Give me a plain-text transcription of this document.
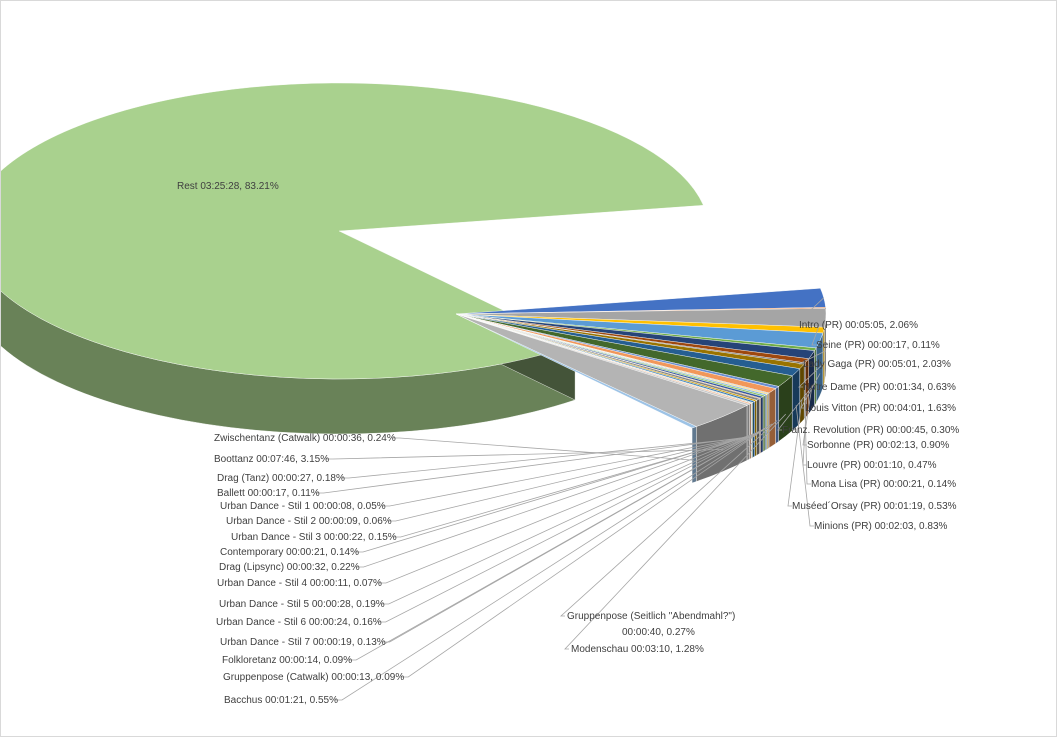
Rest 03:25:28, 83.21%
Intro (PR) 00:05:05, 2.06%
Seine (PR) 00:00:17, 0.11%
Lady Gaga (PR) 00:05:01, 2.03%
Notre Dame (PR) 00:01:34, 0.63%
Louis Vitton (PR) 00:04:01, 1.63%
Franz. Revolution (PR) 00:00:45, 0.30%
Sorbonne (PR) 00:02:13, 0.90%
Louvre (PR) 00:01:10, 0.47%
Mona Lisa (PR) 00:00:21, 0.14%
Muséed´Orsay (PR) 00:01:19, 0.53%
Minions (PR) 00:02:03, 0.83%
Modenschau 00:03:10, 1.28%
Gruppenpose (Seitlich "Abendmahl?") 00:00:40, 0.27%
Bacchus 00:01:21, 0.55%
Gruppenpose (Catwalk) 00:00:13, 0.09%
Folkloretanz 00:00:14, 0.09%
Urban Dance - Stil 7 00:00:19, 0.13%
Urban Dance - Stil 6 00:00:24, 0.16%
Urban Dance - Stil 5 00:00:28, 0.19%
Urban Dance - Stil 4 00:00:11, 0.07%
Drag (Lipsync) 00:00:32, 0.22%
Contemporary 00:00:21, 0.14%
Urban Dance - Stil 3 00:00:22, 0.15%
Urban Dance - Stil 2 00:00:09, 0.06%
Urban Dance - Stil 1 00:00:08, 0.05%
Ballett 00:00:17, 0.11%
Drag (Tanz) 00:00:27, 0.18%
Boottanz 00:07:46, 3.15%
Zwischentanz (Catwalk) 00:00:36, 0.24%
